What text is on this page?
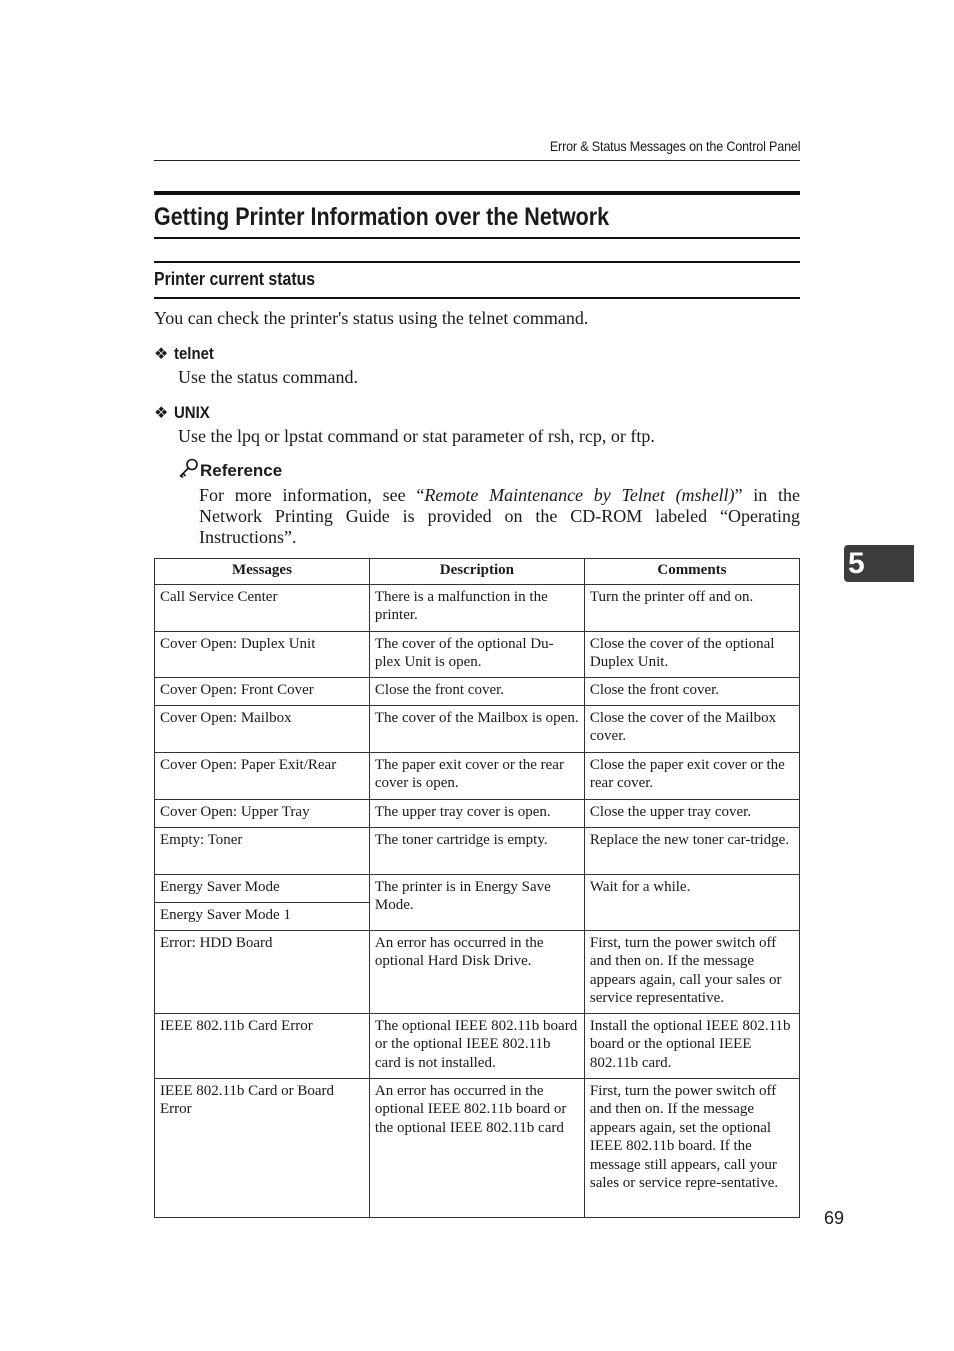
Error & Status Messages on the Control Panel
Getting Printer Information over the Network
Printer current status
You can check the printer's status using the telnet command.
❖ telnet
Use the status command.
❖ UNIX
Use the lpq or lpstat command or stat parameter of rsh, rcp, or ftp.
Reference
For more information, see “Remote Maintenance by Telnet (mshell)” in the Network Printing Guide is provided on the CD-ROM labeled “Operating Instructions”.
Messages	Description	Comments
Call Service Center	There is a malfunction in the printer.	Turn the printer off and on.
Cover Open: Duplex Unit	The cover of the optional Du-plex Unit is open.	Close the cover of the optional Duplex Unit.
Cover Open: Front Cover	Close the front cover.	Close the front cover.
Cover Open: Mailbox	The cover of the Mailbox is open.	Close the cover of the Mailbox cover.
Cover Open: Paper Exit/Rear	The paper exit cover or the rear cover is open.	Close the paper exit cover or the rear cover.
Cover Open: Upper Tray	The upper tray cover is open.	Close the upper tray cover.
Empty: Toner	The toner cartridge is empty.	Replace the new toner car-tridge.
Energy Saver Mode	The printer is in Energy Save Mode.	Wait for a while.
Energy Saver Mode 1		
Error: HDD Board	An error has occurred in the optional Hard Disk Drive.	First, turn the power switch off and then on. If the message appears again, call your sales or service representative.
IEEE 802.11b Card Error	The optional IEEE 802.11b board or the optional IEEE 802.11b card is not installed.	Install the optional IEEE 802.11b board or the optional IEEE 802.11b card.
IEEE 802.11b Card or Board Error	An error has occurred in the optional IEEE 802.11b board or the optional IEEE 802.11b card	First, turn the power switch off and then on. If the message appears again, set the optional IEEE 802.11b board. If the message still appears, call your sales or service repre-sentative.
5
69
